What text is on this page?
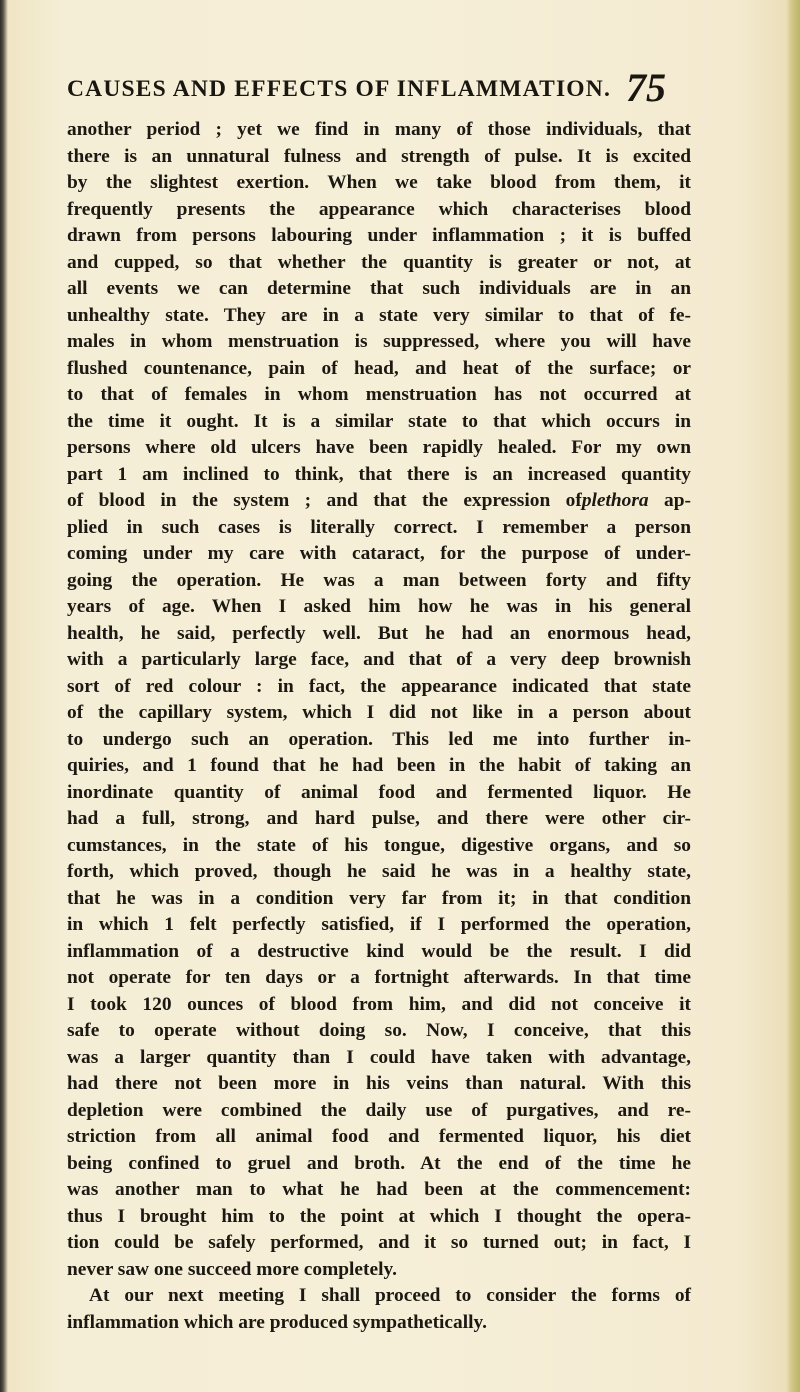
CAUSES AND EFFECTS OF INFLAMMATION. 75
another period ; yet we find in many of those individuals, that
there is an unnatural fulness and strength of pulse. It is excited
by the slightest exertion. When we take blood from them, it
frequently presents the appearance which characterises blood
drawn from persons labouring under inflammation ; it is buffed
and cupped, so that whether the quantity is greater or not, at
all events we can determine that such individuals are in an
unhealthy state. They are in a state very similar to that of fe-
males in whom menstruation is suppressed, where you will have
flushed countenance, pain of head, and heat of the surface; or
to that of females in whom menstruation has not occurred at
the time it ought. It is a similar state to that which occurs in
persons where old ulcers have been rapidly healed. For my own
part 1 am inclined to think, that there is an increased quantity
of blood in the system ; and that the expression ofplethora ap-
plied in such cases is literally correct. I remember a person
coming under my care with cataract, for the purpose of under-
going the operation. He was a man between forty and fifty
years of age. When I asked him how he was in his general
health, he said, perfectly well. But he had an enormous head,
with a particularly large face, and that of a very deep brownish
sort of red colour : in fact, the appearance indicated that state
of the capillary system, which I did not like in a person about
to undergo such an operation. This led me into further in-
quiries, and 1 found that he had been in the habit of taking an
inordinate quantity of animal food and fermented liquor. He
had a full, strong, and hard pulse, and there were other cir-
cumstances, in the state of his tongue, digestive organs, and so
forth, which proved, though he said he was in a healthy state,
that he was in a condition very far from it; in that condition
in which 1 felt perfectly satisfied, if I performed the operation,
inflammation of a destructive kind would be the result. I did
not operate for ten days or a fortnight afterwards. In that time
I took 120 ounces of blood from him, and did not conceive it
safe to operate without doing so. Now, I conceive, that this
was a larger quantity than I could have taken with advantage,
had there not been more in his veins than natural. With this
depletion were combined the daily use of purgatives, and re-
striction from all animal food and fermented liquor, his diet
being confined to gruel and broth. At the end of the time he
was another man to what he had been at the commencement:
thus I brought him to the point at which I thought the opera-
tion could be safely performed, and it so turned out; in fact, I
never saw one succeed more completely.
At our next meeting I shall proceed to consider the forms of
inflammation which are produced sympathetically.
